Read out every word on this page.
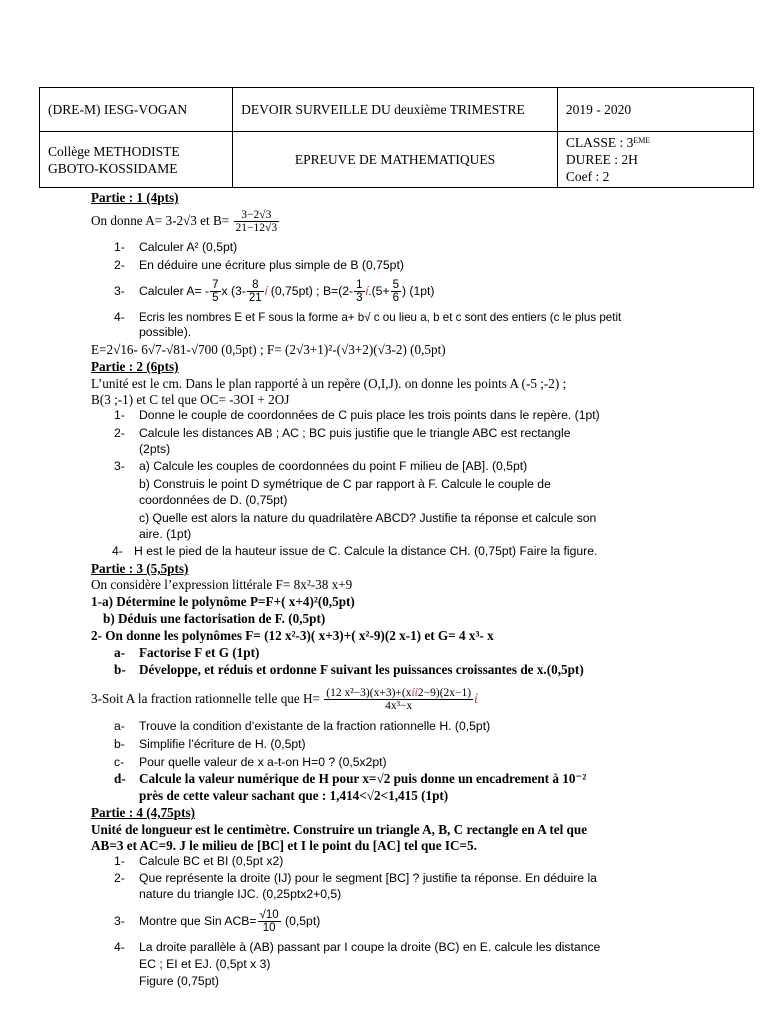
(DRE-M) IESG-VOGAN	DEVOIR SURVEILLE DU deuxième TRIMESTRE	2019 - 2020
Collège METHODISTE GBOTO-KOSSIDAME	EPREUVE DE MATHEMATIQUES	CLASSE : 3EME
DUREE : 2H
Coef : 2
Partie : 1 (4pts)
On donne A= 3-2√3 et $B= \frac{3-2√3}{21-12√3}$
1- Calculer A² (0,5pt)
2- En déduire une écriture plus simple de B (0,75pt)
3- Calculer $A= - \frac{7}{5}$ x ($3- \frac{8}{21}$ ί (0,75pt) ; $B=(2- \frac{1}{3} ί.(5+ \frac{5}{6}$ ) (1pt)
4- Ecris les nombres E et F sous la forme a+ b√ c ou lieu a, b et c sont des entiers (c le plus petit
possible).
E=2√16- 6√7-√81-√700 (0,5pt) ; F= (2√3+1)²-(√3+2)(√3-2) (0,5pt)
Partie : 2 (6pts)
L’unité est le cm. Dans le plan rapporté à un repère (O,I,J). on donne les points A (-5 ;-2) ;
B(3 ;-1) et C tel que OC= -3OI + 2OJ
1- Donne le couple de coordonnées de C puis place les trois points dans le repère. (1pt)
2- Calcule les distances AB ; AC ; BC puis justifie que le triangle ABC est rectangle
(2pts)
3- a) Calcule les couples de coordonnées du point F milieu de [AB]. (0,5pt)
b) Construis le point D symétrique de C par rapport à F. Calcule le couple de
coordonnées de D. (0,75pt)
c) Quelle est alors la nature du quadrilatère ABCD? Justifie ta réponse et calcule son
aire. (1pt)
4- H est le pied de la hauteur issue de C. Calcule la distance CH. (0,75pt) Faire la figure.
Partie : 3 (5,5pts)
On considère l’expression littérale F= 8x²-38 x+9
1-a) Détermine le polynôme P=F+( x+4)²(0,5pt)
b) Déduis une factorisation de F. (0,5pt)
2- On donne les polynômes F= (12 x²-3)( x+3)+( x²-9)(2 x-1) et G= 4 x³- x
a- Factorise F et G (1pt)
b- Développe, et réduis et ordonne F suivant les puissances croissantes de x.(0,5pt)
3-Soit A la fraction rationnelle telle que $H= \frac{\text{(12 x²−3)(x+3)+(xίί2−9)(2x−1)}}{\text{4x³−x}}$ ί
a- Trouve la condition d’existante de la fraction rationnelle H. (0,5pt)
b- Simplifie l’écriture de H. (0,5pt)
c- Pour quelle valeur de x a-t-on H=0 ? (0,5x2pt)
d- Calcule la valeur numérique de H pour x=√2 puis donne un encadrement à 10⁻²
près de cette valeur sachant que : 1,414<√2<1,415 (1pt)
Partie : 4 (4,75pts)
Unité de longueur est le centimètre. Construire un triangle A, B, C rectangle en A tel que
AB=3 et AC=9. J le milieu de [BC] et I le point du [AC] tel que IC=5.
1- Calcule BC et BI (0,5pt x2)
2- Que représente la droite (IJ) pour le segment [BC] ? justifie ta réponse. En déduire la
nature du triangle IJC. (0,25ptx2+0,5)
3- Montre que Sin $ACB= \frac{√10}{10} (0,5pt)$
4- La droite parallèle à (AB) passant par I coupe la droite (BC) en E. calcule les distance
EC ; EI et EJ. (0,5pt x 3)
Figure (0,75pt)
